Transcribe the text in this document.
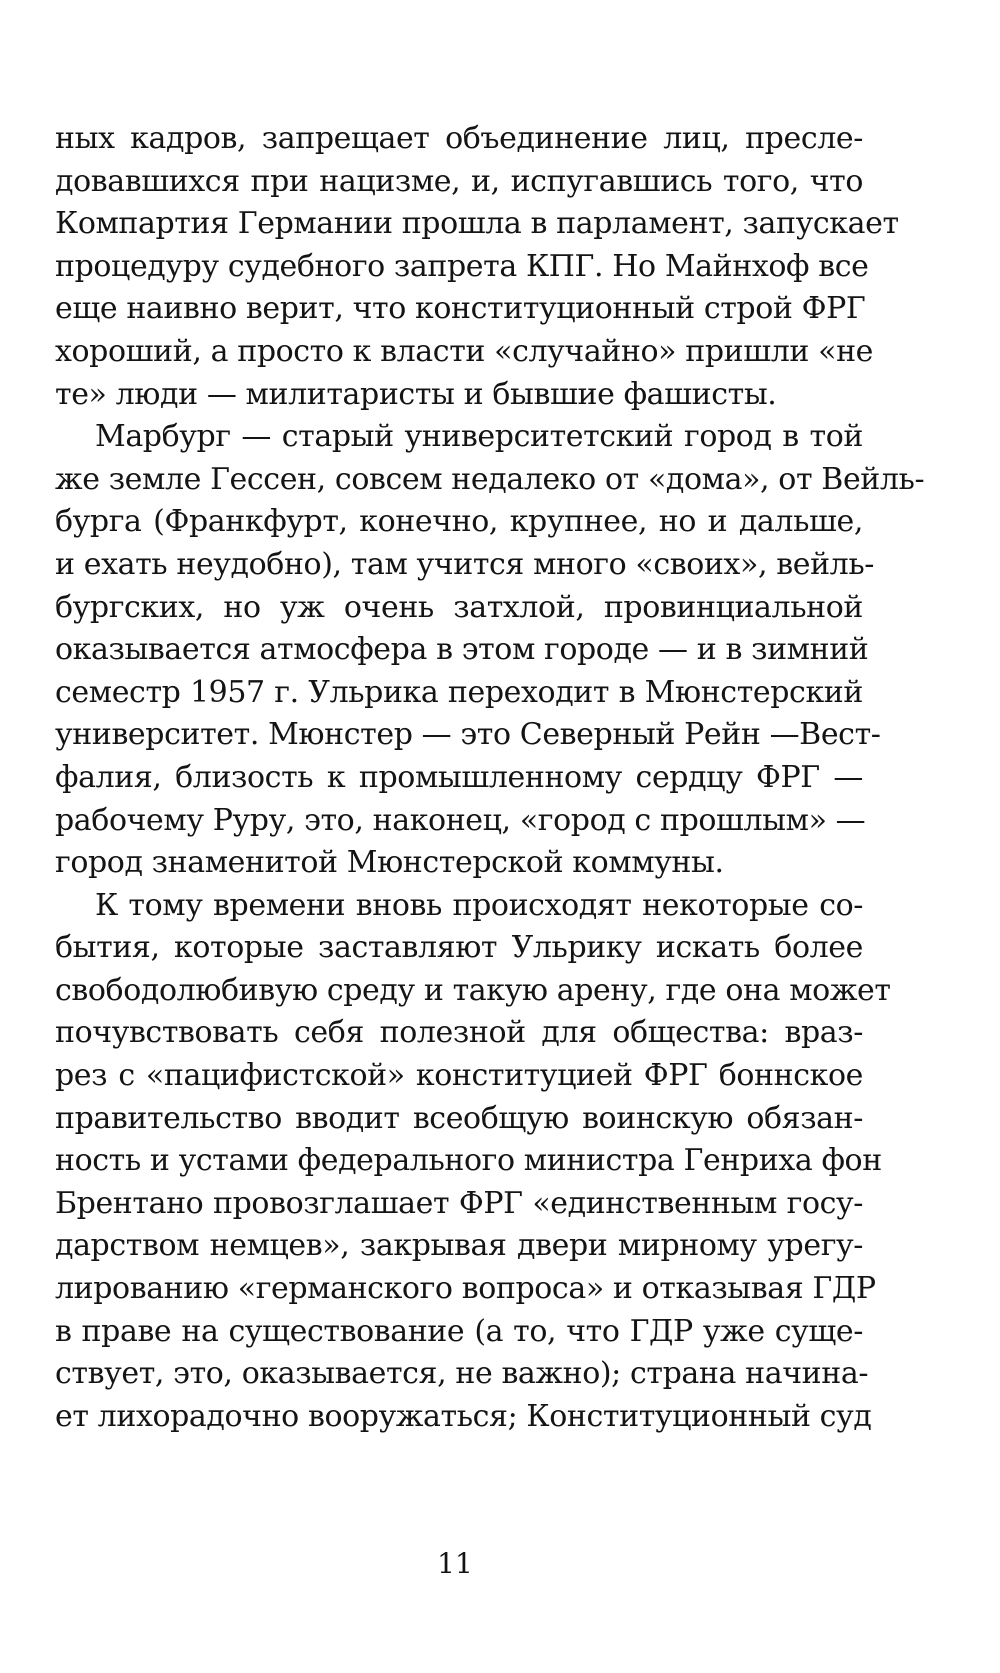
ных кадров, запрещает объединение лиц, пресле-
довавшихся при нацизме, и, испугавшись того, что
Компартия Германии прошла в парламент, запускает
процедуру судебного запрета КПГ. Но Майнхоф все
еще наивно верит, что конституционный строй ФРГ
хороший, а просто к власти «случайно» пришли «не
те» люди — милитаристы и бывшие фашисты.
Марбург — старый университетский город в той
же земле Гессен, совсем недалеко от «дома», от Вейль-
бурга (Франкфурт, конечно, крупнее, но и дальше,
и ехать неудобно), там учится много «своих», вейль-
бургских, но уж очень затхлой, провинциальной
оказывается атмосфера в этом городе — и в зимний
семестр 1957 г. Ульрика переходит в Мюнстерский
университет. Мюнстер — это Северный Рейн —Вест-
фалия, близость к промышленному сердцу ФРГ —
рабочему Руру, это, наконец, «город с прошлым» —
город знаменитой Мюнстерской коммуны.
К тому времени вновь происходят некоторые со-
бытия, которые заставляют Ульрику искать более
свободолюбивую среду и такую арену, где она может
почувствовать себя полезной для общества: враз-
рез с «пацифистской» конституцией ФРГ боннское
правительство вводит всеобщую воинскую обязан-
ность и устами федерального министра Генриха фон
Брентано провозглашает ФРГ «единственным госу-
дарством немцев», закрывая двери мирному урегу-
лированию «германского вопроса» и отказывая ГДР
в праве на существование (а то, что ГДР уже суще-
ствует, это, оказывается, не важно); страна начина-
ет лихорадочно вооружаться; Конституционный суд
11
